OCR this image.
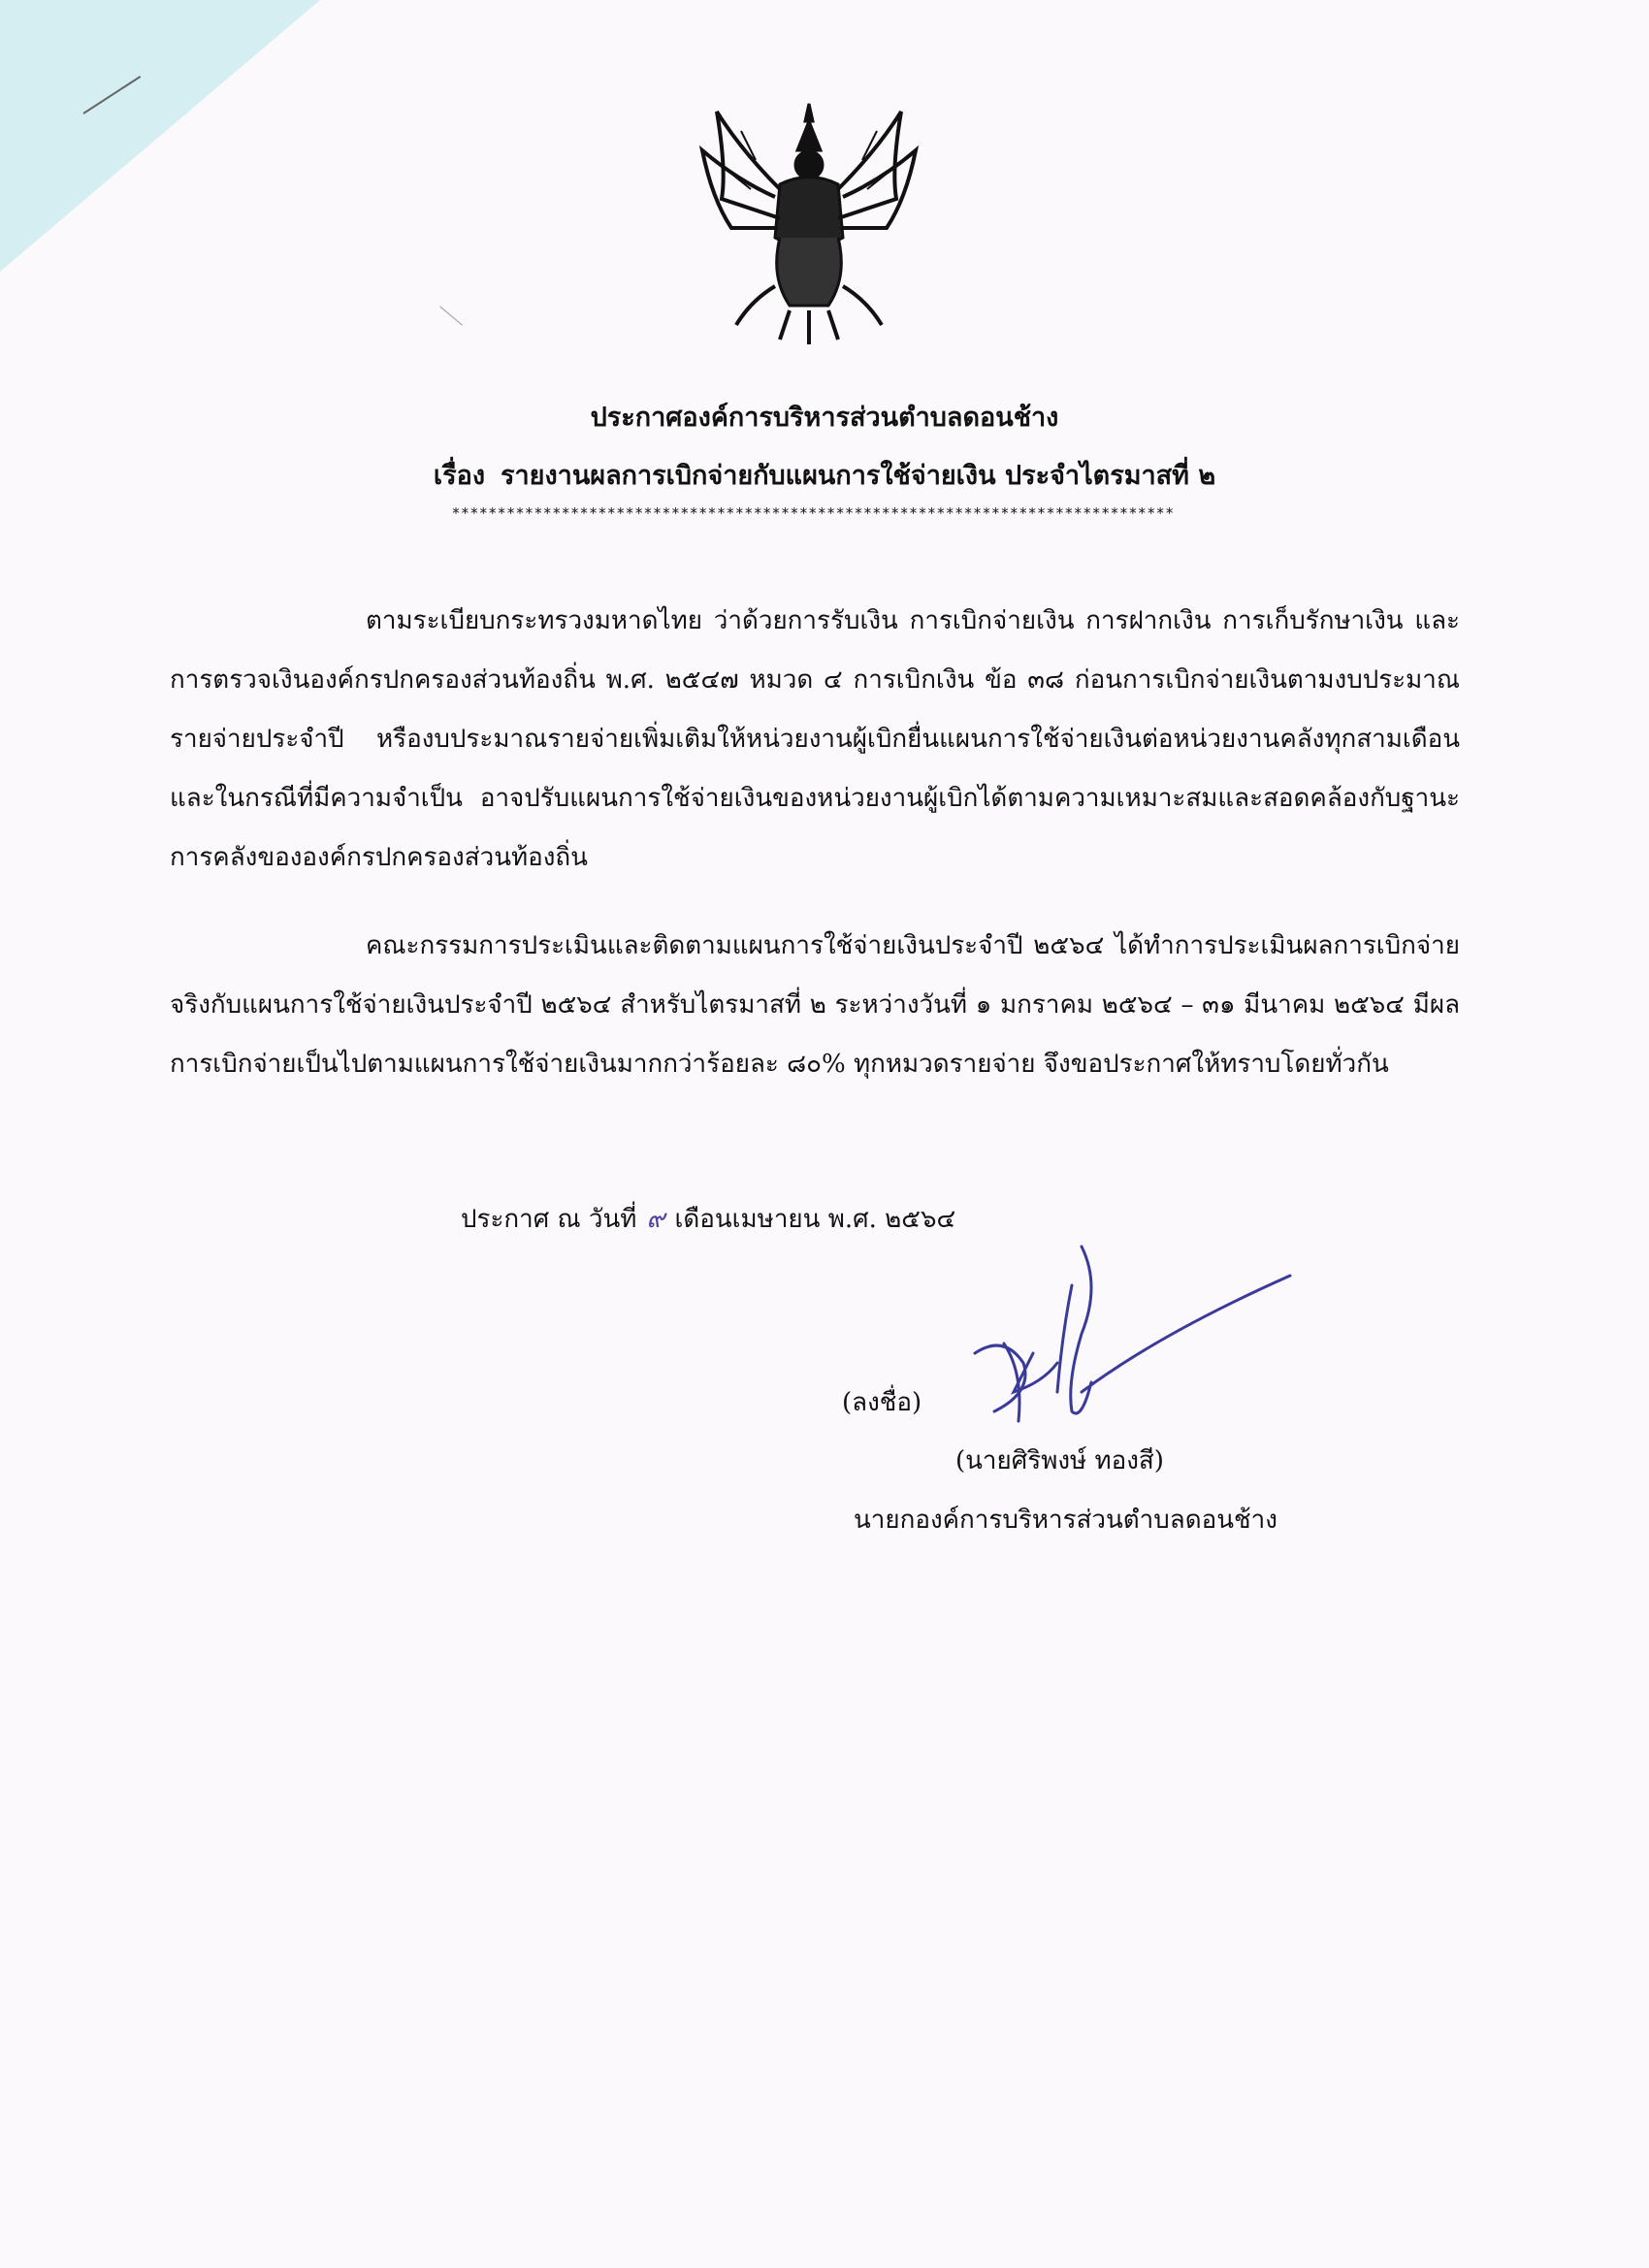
ประกาศองค์การบริหารส่วนตำบลดอนช้าง
เรื่อง รายงานผลการเบิกจ่ายกับแผนการใช้จ่ายเงิน ประจำไตรมาสที่ ๒
*******************************************************************************
ตามระเบียบกระทรวงมหาดไทย ว่าด้วยการรับเงิน การเบิกจ่ายเงิน การฝากเงิน การเก็บรักษาเงิน และการตรวจเงินองค์กรปกครองส่วนท้องถิ่น พ.ศ. ๒๕๔๗ หมวด ๔ การเบิกเงิน ข้อ ๓๘ ก่อนการเบิกจ่ายเงินตามงบประมาณรายจ่ายประจำปี หรืองบประมาณรายจ่ายเพิ่มเติมให้หน่วยงานผู้เบิกยื่นแผนการใช้จ่ายเงินต่อหน่วยงานคลังทุกสามเดือน และในกรณีที่มีความจำเป็น อาจปรับแผนการใช้จ่ายเงินของหน่วยงานผู้เบิกได้ตามความเหมาะสมและสอดคล้องกับฐานะการคลังขององค์กรปกครองส่วนท้องถิ่น
คณะกรรมการประเมินและติดตามแผนการใช้จ่ายเงินประจำปี ๒๕๖๔ ได้ทำการประเมินผลการเบิกจ่ายจริงกับแผนการใช้จ่ายเงินประจำปี ๒๕๖๔ สำหรับไตรมาสที่ ๒ ระหว่างวันที่ ๑ มกราคม ๒๕๖๔ – ๓๑ มีนาคม ๒๕๖๔ มีผลการเบิกจ่ายเป็นไปตามแผนการใช้จ่ายเงินมากกว่าร้อยละ ๘๐% ทุกหมวดรายจ่าย จึงขอประกาศให้ทราบโดยทั่วกัน
ประกาศ ณ วันที่ ๙ เดือนเมษายน พ.ศ. ๒๕๖๔
(ลงชื่อ)
(นายศิริพงษ์ ทองสี)
นายกองค์การบริหารส่วนตำบลดอนช้าง
